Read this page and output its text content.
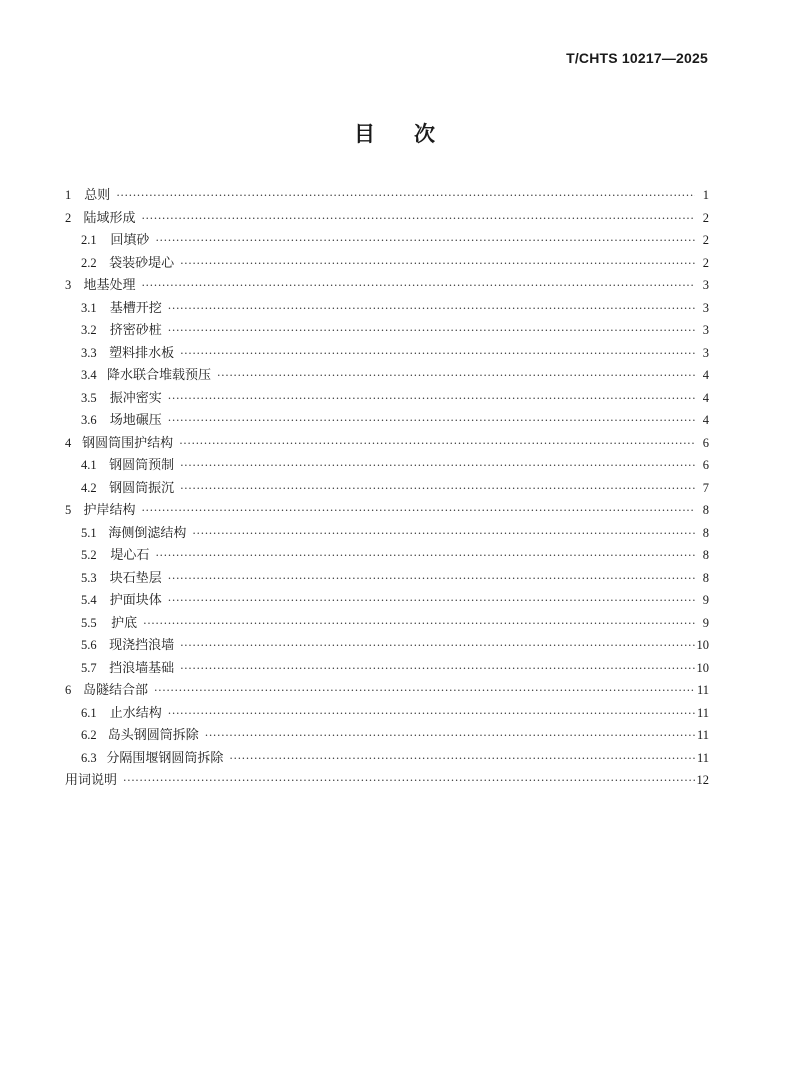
T/CHTS 10217—2025
目 次
1	总则 ·····	1
2 陆域形成 ·····	2
2.1	回填砂 ·····	2
2.2 袋装砂堤心 ·····	2
3 地基处理 ·····	3
3.1	基槽开挖 ·····	3
3.2	挤密砂桩 ·····	3
3.3 塑料排水板 ·····	3
3.4 降水联合堆载预压 ·····	4
3.5	振冲密实 ·····	4
3.6	场地碾压 ·····	4
4 钢圆筒围护结构 ·····	6
4.1 钢圆筒预制 ·····	6
4.2 钢圆筒振沉 ·····	7
5 护岸结构 ·····	8
5.1 海侧倒滤结构 ·····	8
5.2	堤心石 ·····	8
5.3	块石垫层 ·····	8
5.4	护面块体 ·····	9
5.5	护底 ·····	9
5.6 现浇挡浪墙 ·····	10
5.7 挡浪墙基础 ·····	10
6 岛隧结合部 ·····	11
6.1	止水结构 ·····	11
6.2 岛头钢圆筒拆除 ·····	11
6.3 分隔围堰钢圆筒拆除 ·····	11
用词说明 ·····	12
